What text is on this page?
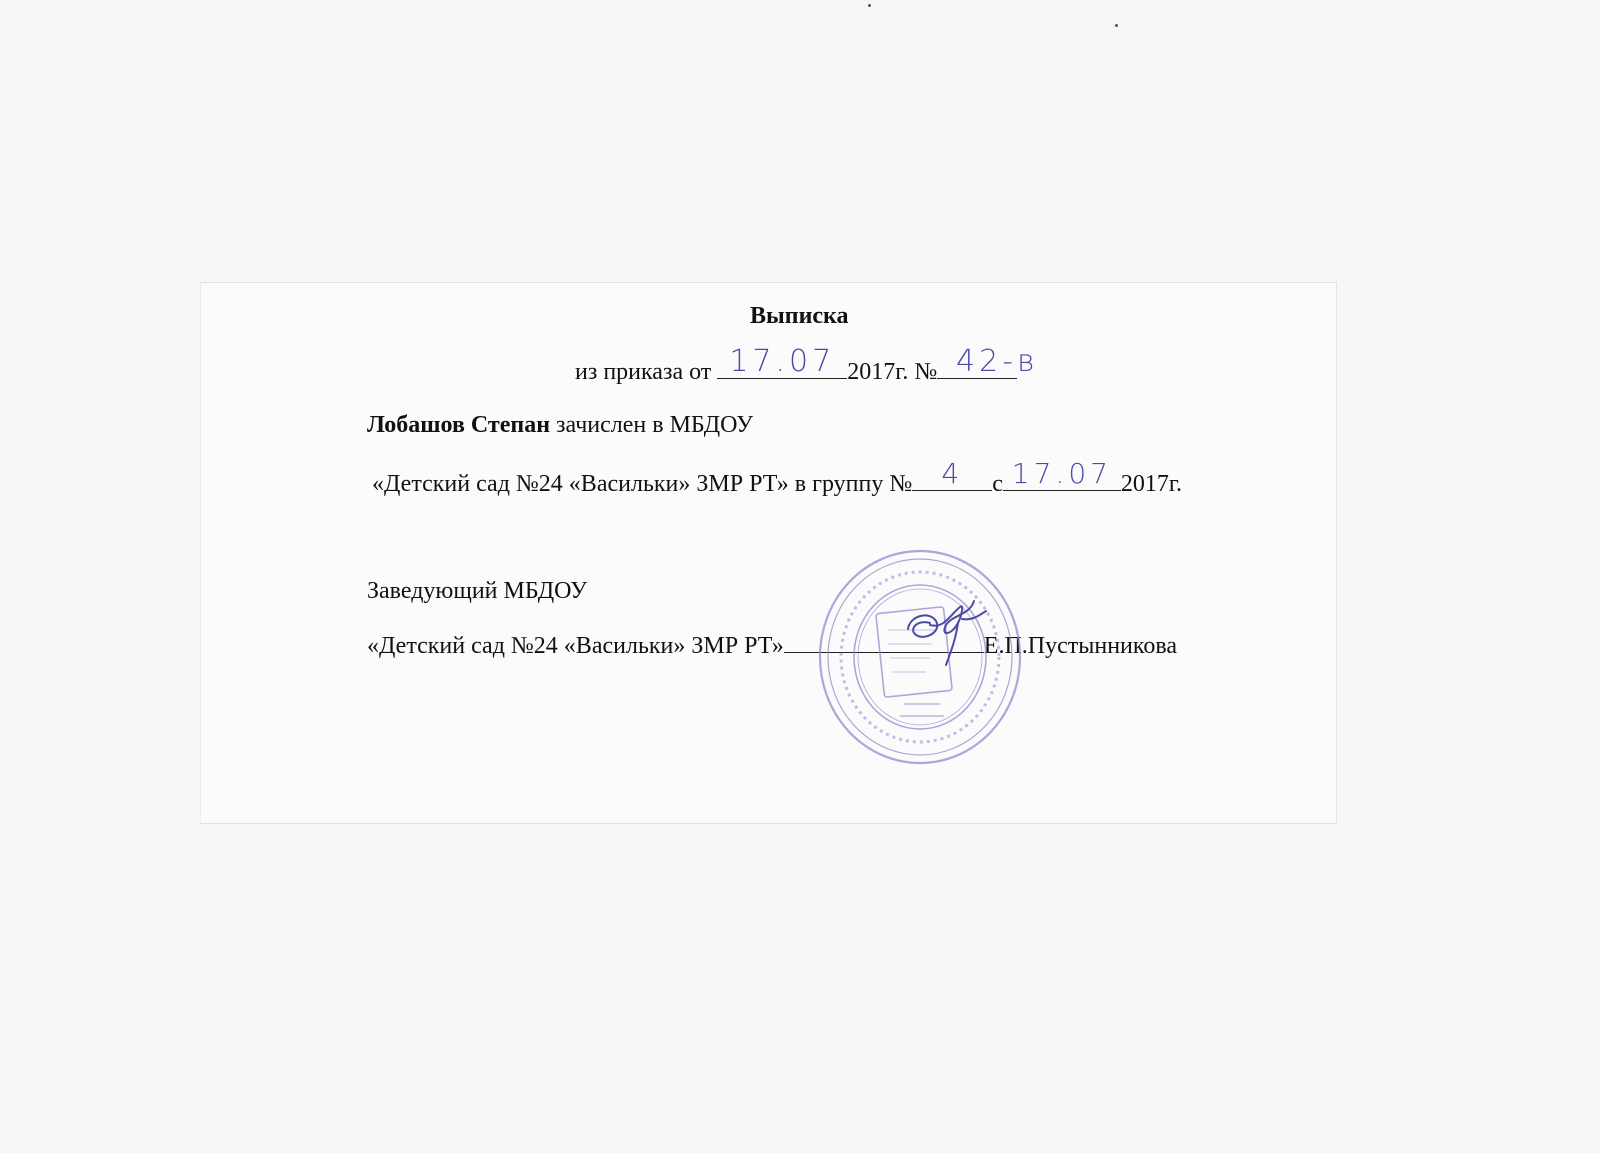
Выписка
из приказа от 17.07 2017г. № 42-в
Лобашов Степан зачислен в МБДОУ
«Детский сад №24 «Васильки» ЗМР РТ» в группу №	4	с 17.07 2017г.
Заведующий МБДОУ
«Детский сад №24 «Васильки» ЗМР РТ»	Е.П.Пустынникова
